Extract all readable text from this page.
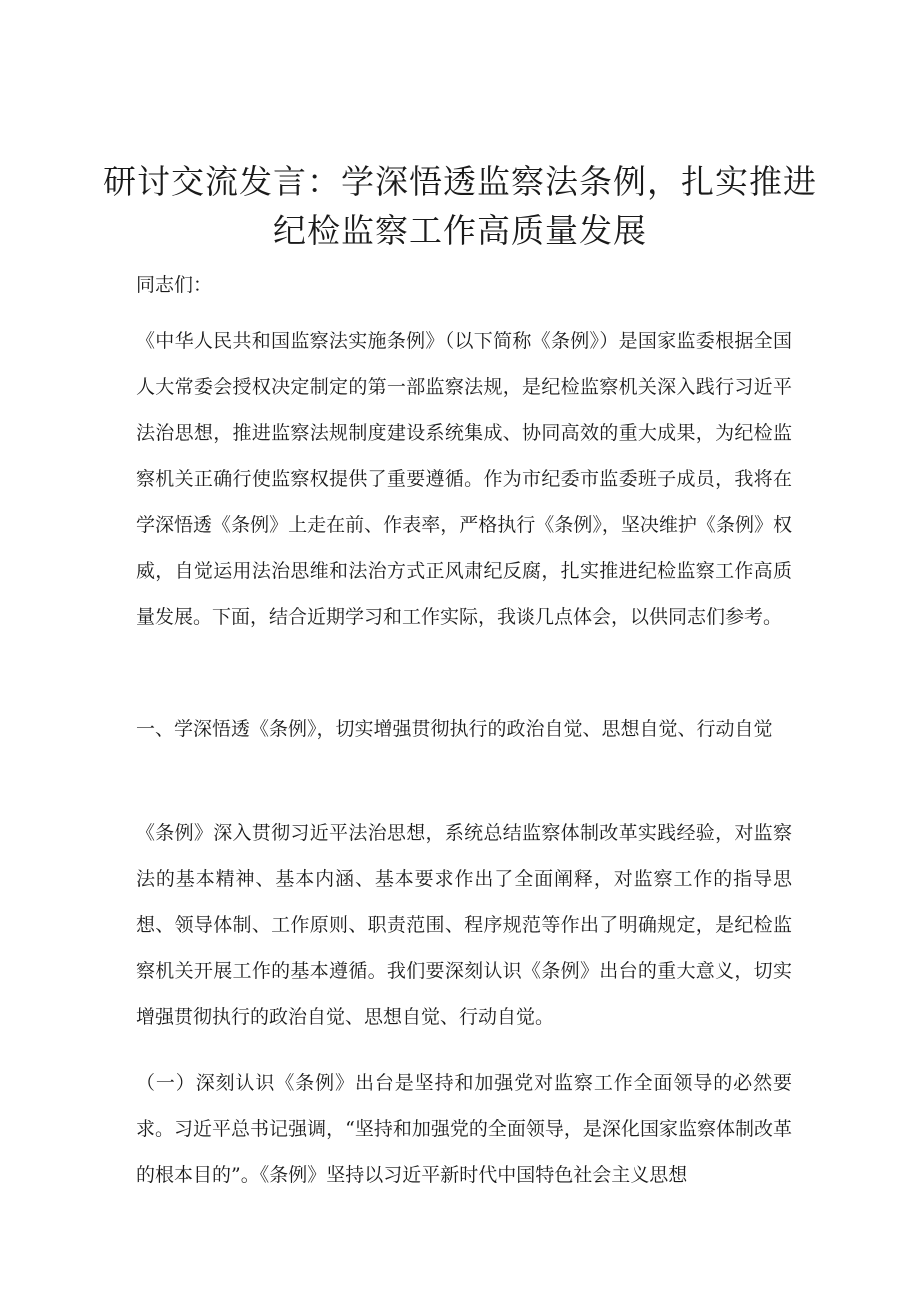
研讨交流发言：学深悟透监察法条例，扎实推进
纪检监察工作高质量发展
同志们：
《中华人民共和国监察法实施条例》（以下简称《条例》）是国家监委根据全国人大常委会授权决定制定的第一部监察法规，是纪检监察机关深入践行习近平法治思想，推进监察法规制度建设系统集成、协同高效的重大成果，为纪检监察机关正确行使监察权提供了重要遵循。作为市纪委市监委班子成员，我将在学深悟透《条例》上走在前、作表率，严格执行《条例》，坚决维护《条例》权威，自觉运用法治思维和法治方式正风肃纪反腐，扎实推进纪检监察工作高质量发展。下面，结合近期学习和工作实际，我谈几点体会，以供同志们参考。
一、学深悟透《条例》，切实增强贯彻执行的政治自觉、思想自觉、行动自觉
《条例》深入贯彻习近平法治思想，系统总结监察体制改革实践经验，对监察法的基本精神、基本内涵、基本要求作出了全面阐释，对监察工作的指导思想、领导体制、工作原则、职责范围、程序规范等作出了明确规定，是纪检监察机关开展工作的基本遵循。我们要深刻认识《条例》出台的重大意义，切实增强贯彻执行的政治自觉、思想自觉、行动自觉。
（一）深刻认识《条例》出台是坚持和加强党对监察工作全面领导的必然要求。习近平总书记强调，“坚持和加强党的全面领导，是深化国家监察体制改革的根本目的”。《条例》坚持以习近平新时代中国特色社会主义思想
